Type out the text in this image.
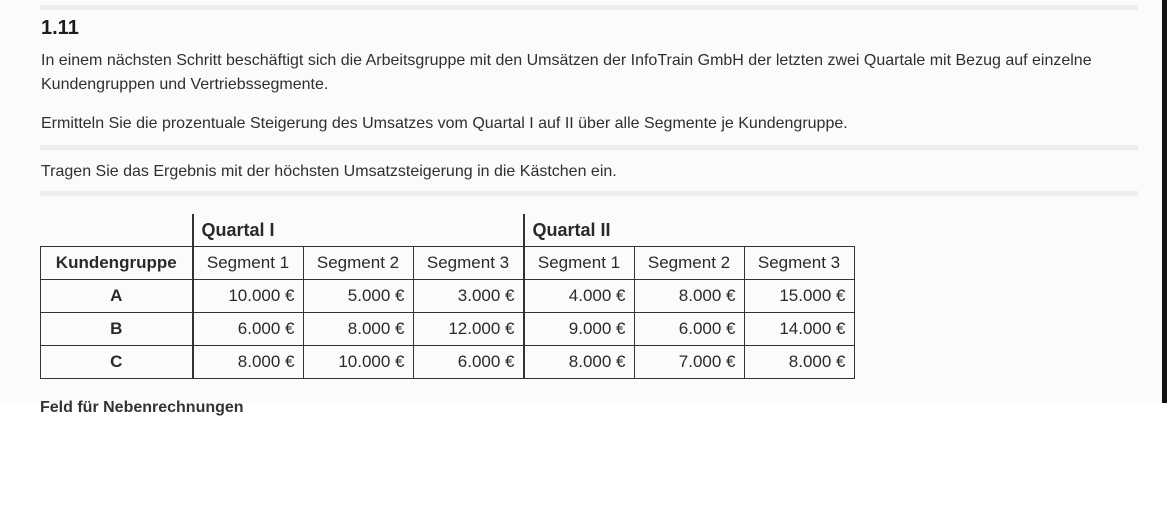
1.11
In einem nächsten Schritt beschäftigt sich die Arbeitsgruppe mit den Umsätzen der InfoTrain GmbH der letzten zwei Quartale mit Bezug auf einzelne Kundengruppen und Vertriebssegmente.
Ermitteln Sie die prozentuale Steigerung des Umsatzes vom Quartal I auf II über alle Segmente je Kundengruppe.
Tragen Sie das Ergebnis mit der höchsten Umsatzsteigerung in die Kästchen ein.
	Quartal I			Quartal II		
Kundengruppe	Segment 1	Segment 2	Segment 3	Segment 1	Segment 2	Segment 3
A	10.000 €	5.000 €	3.000 €	4.000 €	8.000 €	15.000 €
B	6.000 €	8.000 €	12.000 €	9.000 €	6.000 €	14.000 €
C	8.000 €	10.000 €	6.000 €	8.000 €	7.000 €	8.000 €
Feld für Nebenrechnungen
